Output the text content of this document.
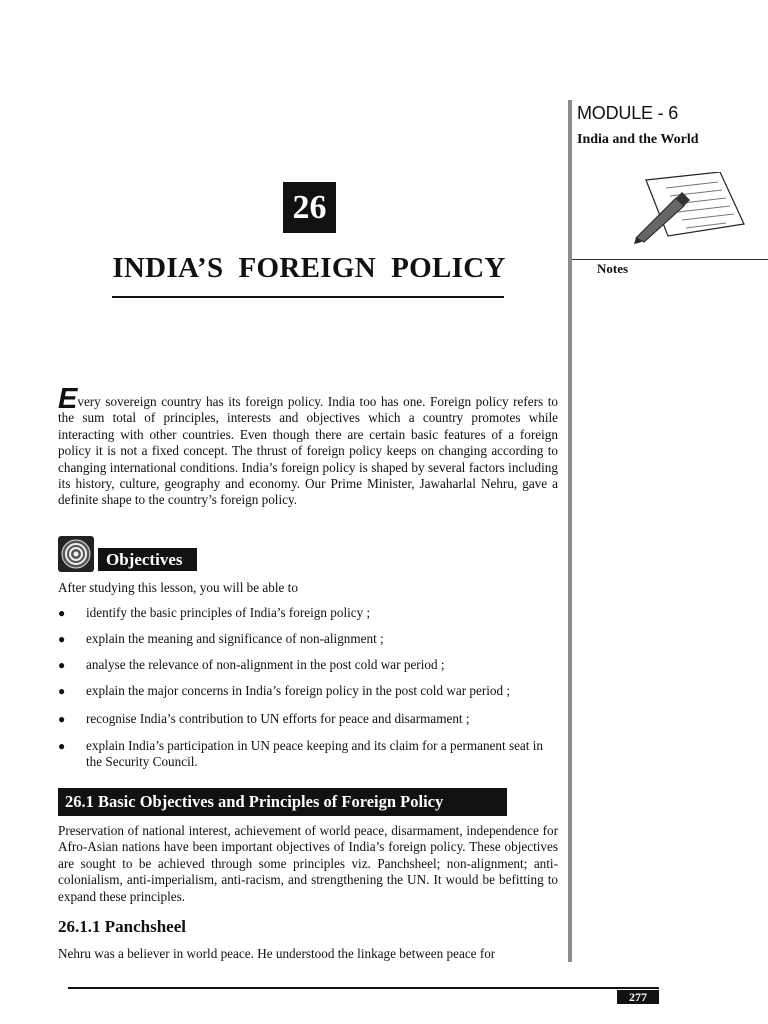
MODULE - 6
India and the World
Notes
26
INDIA’S  FOREIGN  POLICY
Every sovereign country has its foreign policy. India too has one. Foreign policy refers to the sum total of principles, interests and objectives which a country promotes while interacting with other countries. Even though there are certain basic features of a foreign policy it is not a fixed concept. The thrust of foreign policy keeps on changing according to changing international conditions. India’s foreign policy is shaped by several factors including its history, culture, geography and economy. Our Prime Minister, Jawaharlal Nehru, gave a definite shape to the country’s foreign policy.
Objectives
After studying this lesson, you will be able to
● identify the basic principles of India’s foreign policy ;
● explain the meaning and significance of non-alignment ;
● analyse the relevance of non-alignment in the post cold war period ;
● explain the major concerns in India’s foreign policy in the post cold war period ;
● recognise India’s contribution to UN efforts for peace and disarmament ;
● explain India’s participation in UN peace keeping and its claim for a permanent seat in the Security Council.
26.1 Basic Objectives and Principles of Foreign Policy
Preservation of national interest, achievement of world peace, disarmament, independence for Afro-Asian nations have been important objectives of India’s foreign policy. These objectives are sought to be achieved through some principles viz. Panchsheel; non-alignment; anti-colonialism, anti-imperialism, anti-racism, and strengthening the UN. It would be befitting to expand these principles.
26.1.1 Panchsheel
Nehru was a believer in world peace. He understood the linkage between peace for
277
